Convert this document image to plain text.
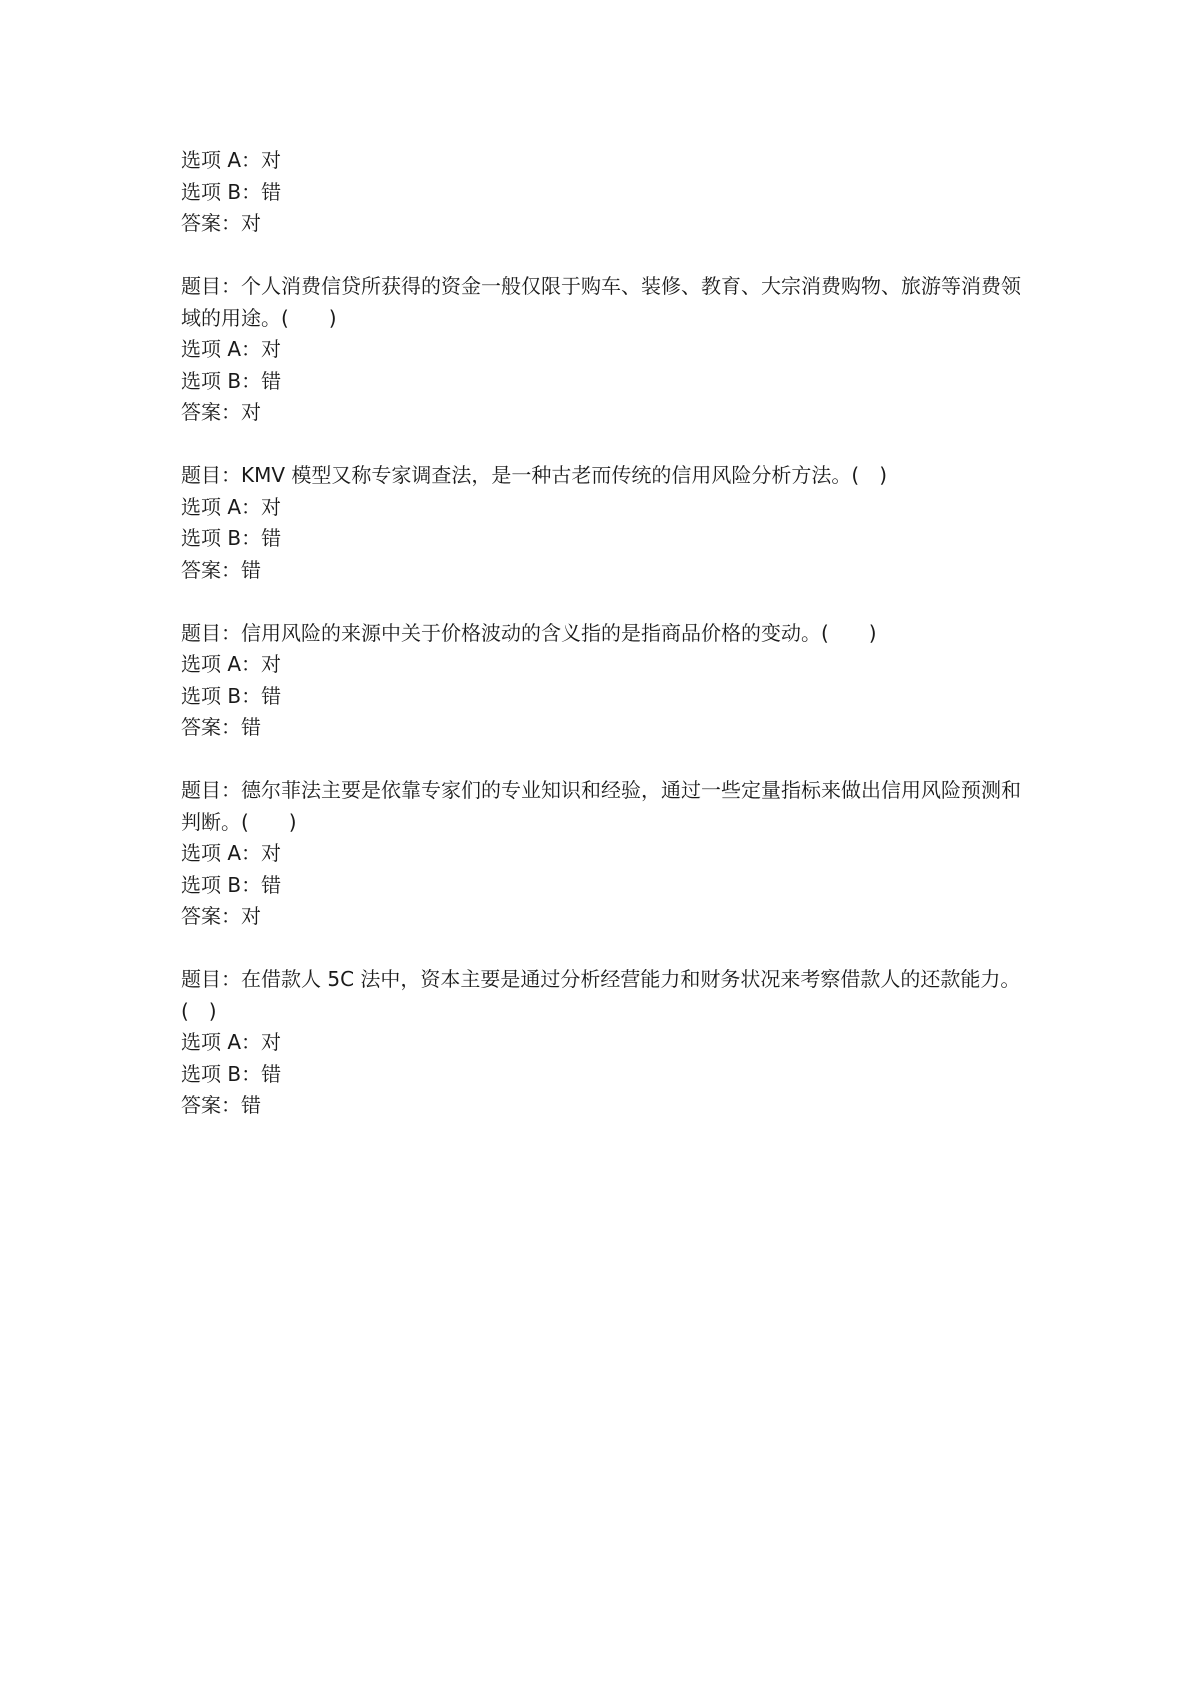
选项 A：对
选项 B：错
答案：对
题目：个人消费信贷所获得的资金一般仅限于购车、装修、教育、大宗消费购物、旅游等消费领域的用途。(　　)
选项 A：对
选项 B：错
答案：对
题目：KMV 模型又称专家调查法，是一种古老而传统的信用风险分析方法。(　)
选项 A：对
选项 B：错
答案：错
题目：信用风险的来源中关于价格波动的含义指的是指商品价格的变动。(　　)
选项 A：对
选项 B：错
答案：错
题目：德尔菲法主要是依靠专家们的专业知识和经验，通过一些定量指标来做出信用风险预测和判断。(　　)
选项 A：对
选项 B：错
答案：对
题目：在借款人 5C 法中，资本主要是通过分析经营能力和财务状况来考察借款人的还款能力。(　)
选项 A：对
选项 B：错
答案：错
